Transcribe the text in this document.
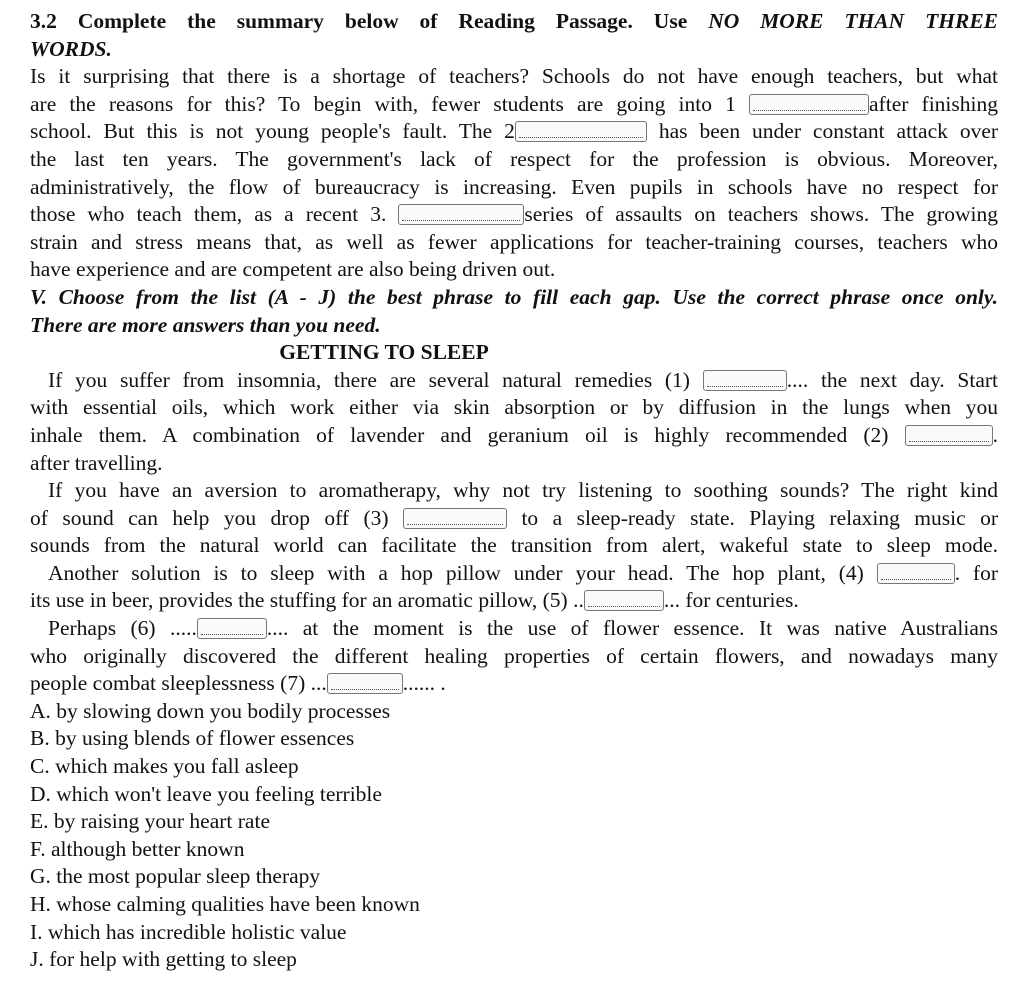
3.2 Complete the summary below of Reading Passage. Use NO MORE THAN THREE
WORDS.
Is it surprising that there is a shortage of teachers? Schools do not have enough teachers, but what
are the reasons for this? To begin with, fewer students are going into 1	after finishing
school. But this is not young people's fault. The 2	has been under constant attack over
the last ten years. The government's lack of respect for the profession is obvious. Moreover,
administratively, the flow of bureaucracy is increasing. Even pupils in schools have no respect for
those who teach them, as a recent 3.	series of assaults on teachers shows. The growing
strain and stress means that, as well as fewer applications for teacher-training courses, teachers who
have experience and are competent are also being driven out.
V. Choose from the list (A - J) the best phrase to fill each gap. Use the correct phrase once only.
There are more answers than you need.
GETTING TO SLEEP
If you suffer from insomnia, there are several natural remedies (1)	.... the next day. Start
with essential oils, which work either via skin absorption or by diffusion in the lungs when you
inhale them. A combination of lavender and geranium oil is highly recommended (2)	.
after travelling.
If you have an aversion to aromatherapy, why not try listening to soothing sounds? The right kind
of sound can help you drop off (3)	to a sleep-ready state. Playing relaxing music or
sounds from the natural world can facilitate the transition from alert, wakeful state to sleep mode.
Another solution is to sleep with a hop pillow under your head. The hop plant, (4)	. for
its use in beer, provides the stuffing for an aromatic pillow, (5) ..	... for centuries.
Perhaps (6) .....	.... at the moment is the use of flower essence. It was native Australians
who originally discovered the different healing properties of certain flowers, and nowadays many
people combat sleeplessness (7) ...	...... .
A. by slowing down you bodily processes
B. by using blends of flower essences
C. which makes you fall asleep
D. which won't leave you feeling terrible
E. by raising your heart rate
F. although better known
G. the most popular sleep therapy
H. whose calming qualities have been known
I. which has incredible holistic value
J. for help with getting to sleep
